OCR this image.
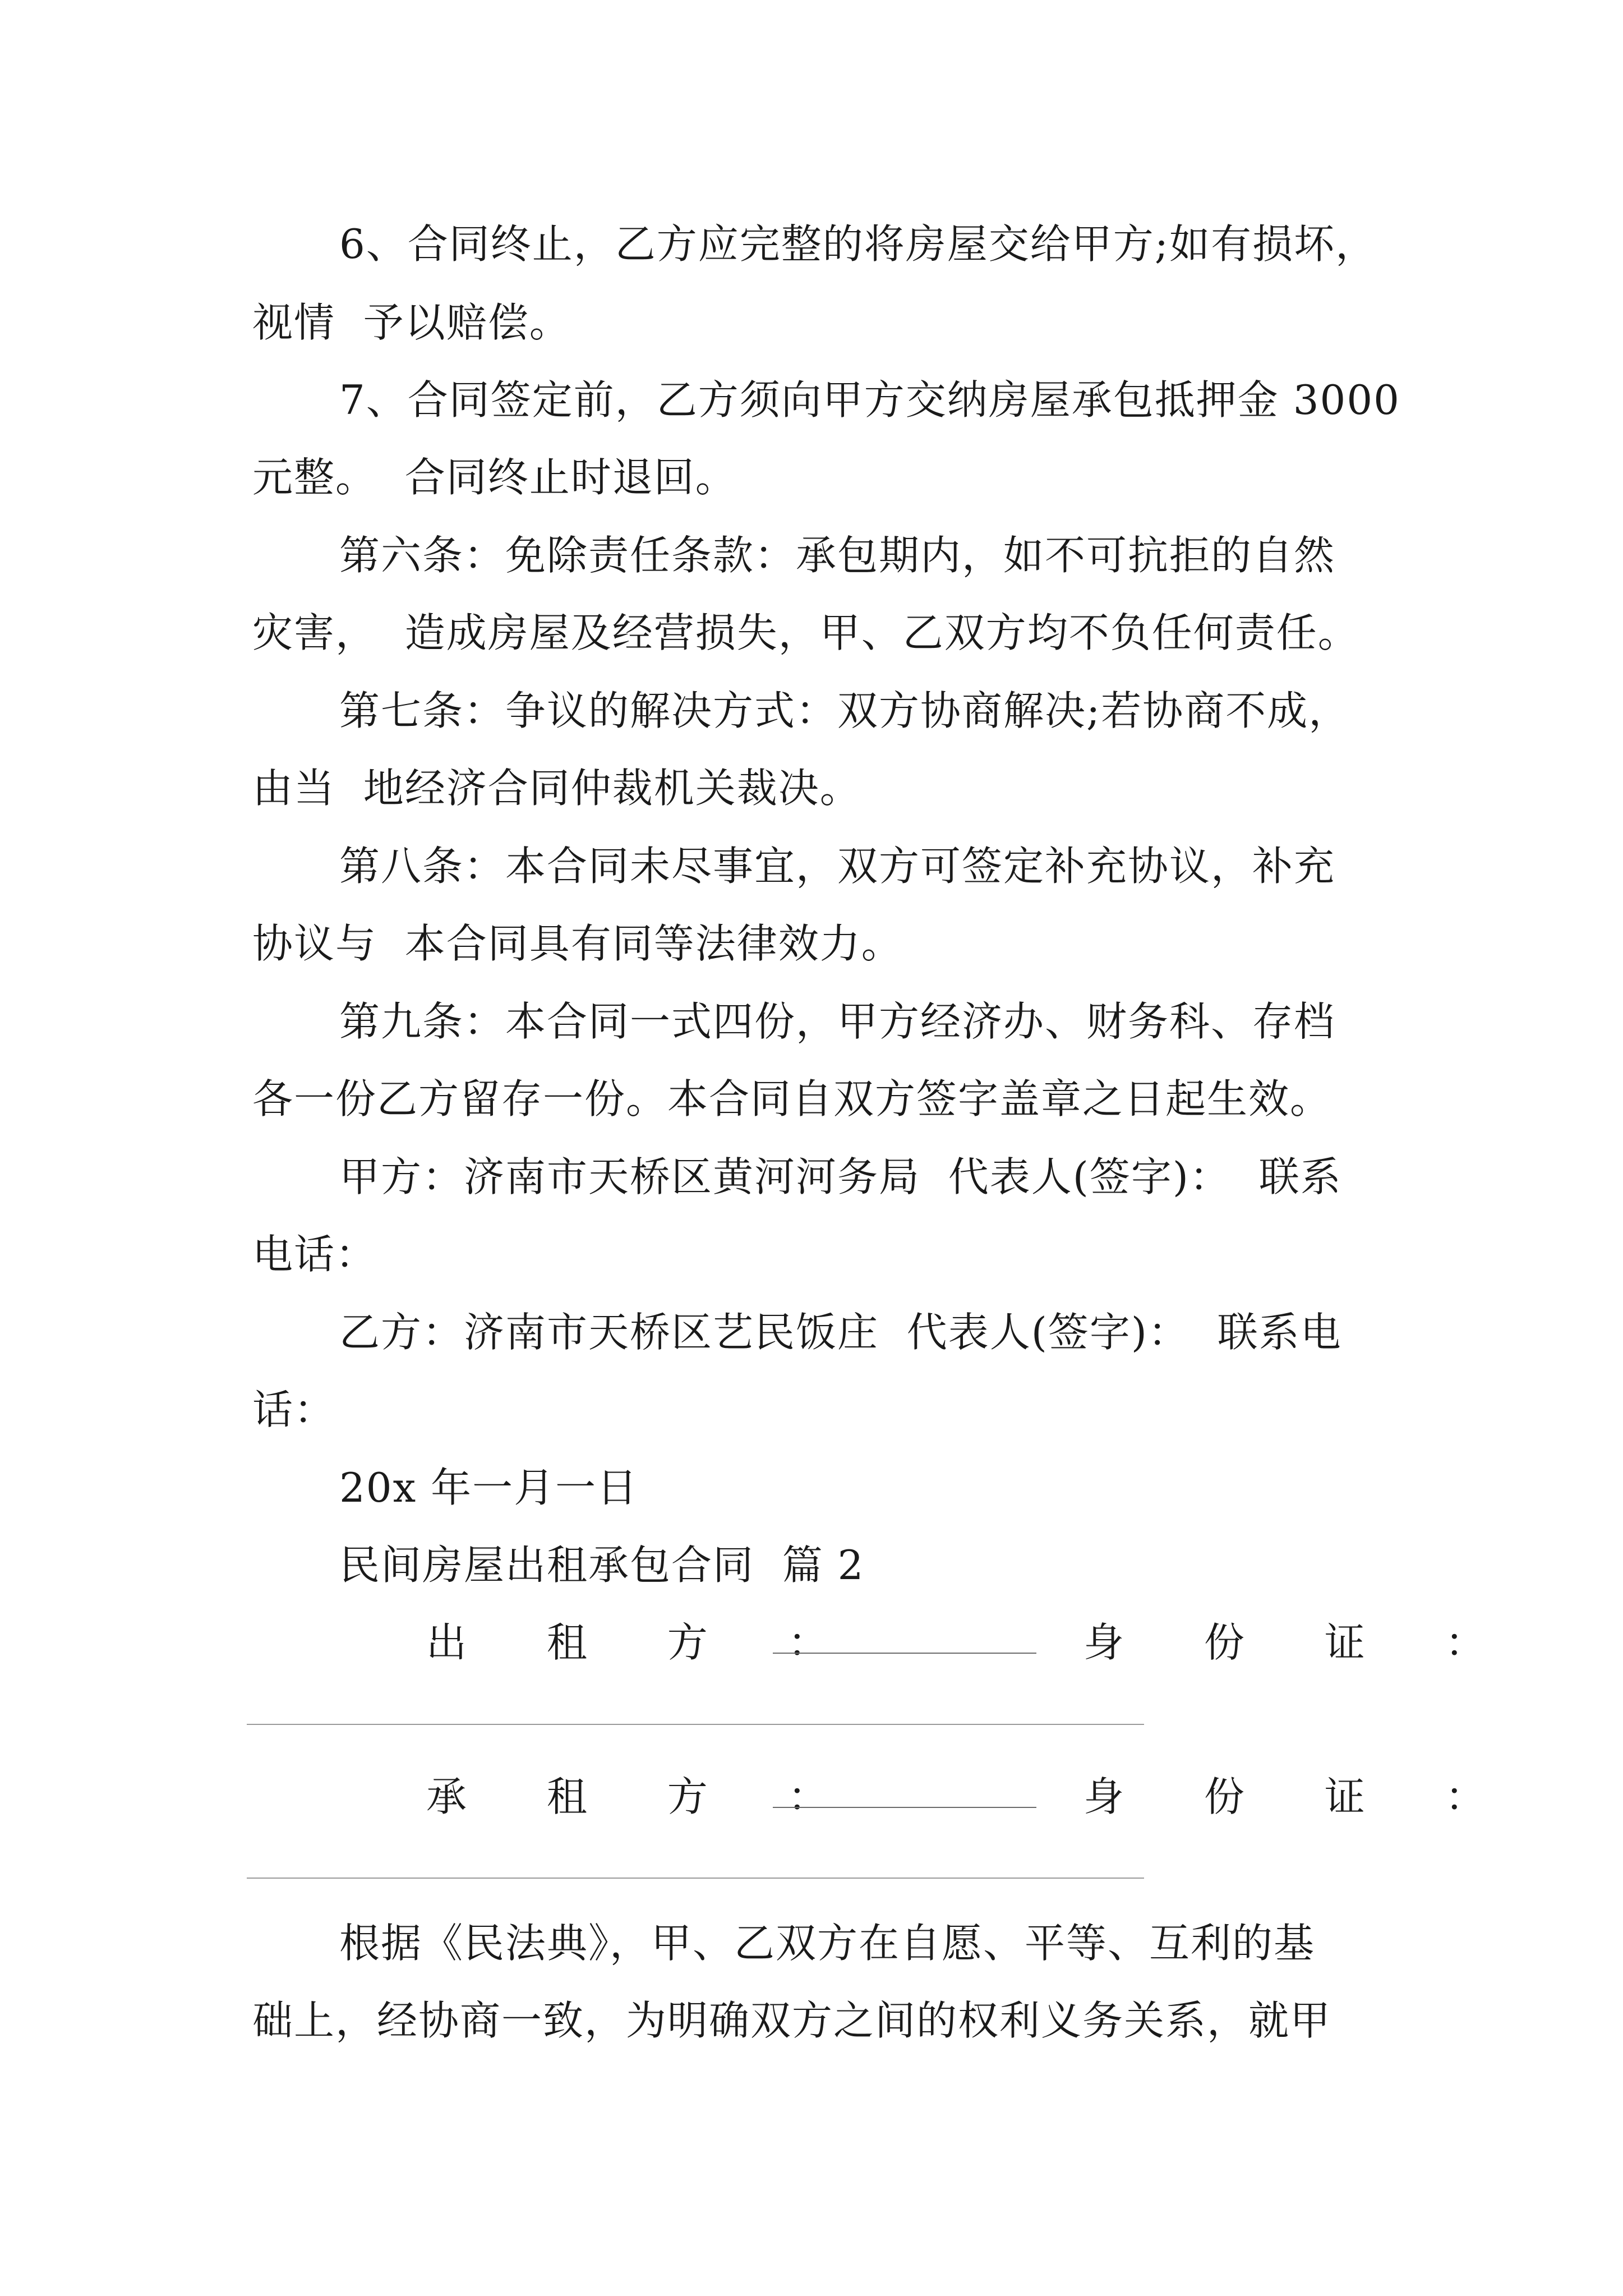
6、合同终止，乙方应完整的将房屋交给甲方;如有损坏，
视情  予以赔偿。
7、合同签定前，乙方须向甲方交纳房屋承包抵押金 3000
元整。  合同终止时退回。
第六条：免除责任条款：承包期内，如不可抗拒的自然
灾害，  造成房屋及经营损失，甲、乙双方均不负任何责任。
第七条：争议的解决方式：双方协商解决;若协商不成，
由当  地经济合同仲裁机关裁决。
第八条：本合同未尽事宜，双方可签定补充协议，补充
协议与  本合同具有同等法律效力。
第九条：本合同一式四份，甲方经济办、财务科、存档
各一份乙方留存一份。本合同自双方签字盖章之日起生效。
甲方：济南市天桥区黄河河务局  代表人(签字)：  联系
电话：
乙方：济南市天桥区艺民饭庄  代表人(签字)：  联系电
话：
20x 年一月一日
民间房屋出租承包合同  篇 2
出 租 方 ：	身 份 证 ：
承 租 方 ：	身 份 证 ：
根据《民法典》，甲、乙双方在自愿、平等、互利的基
础上，经协商一致，为明确双方之间的权利义务关系，就甲
